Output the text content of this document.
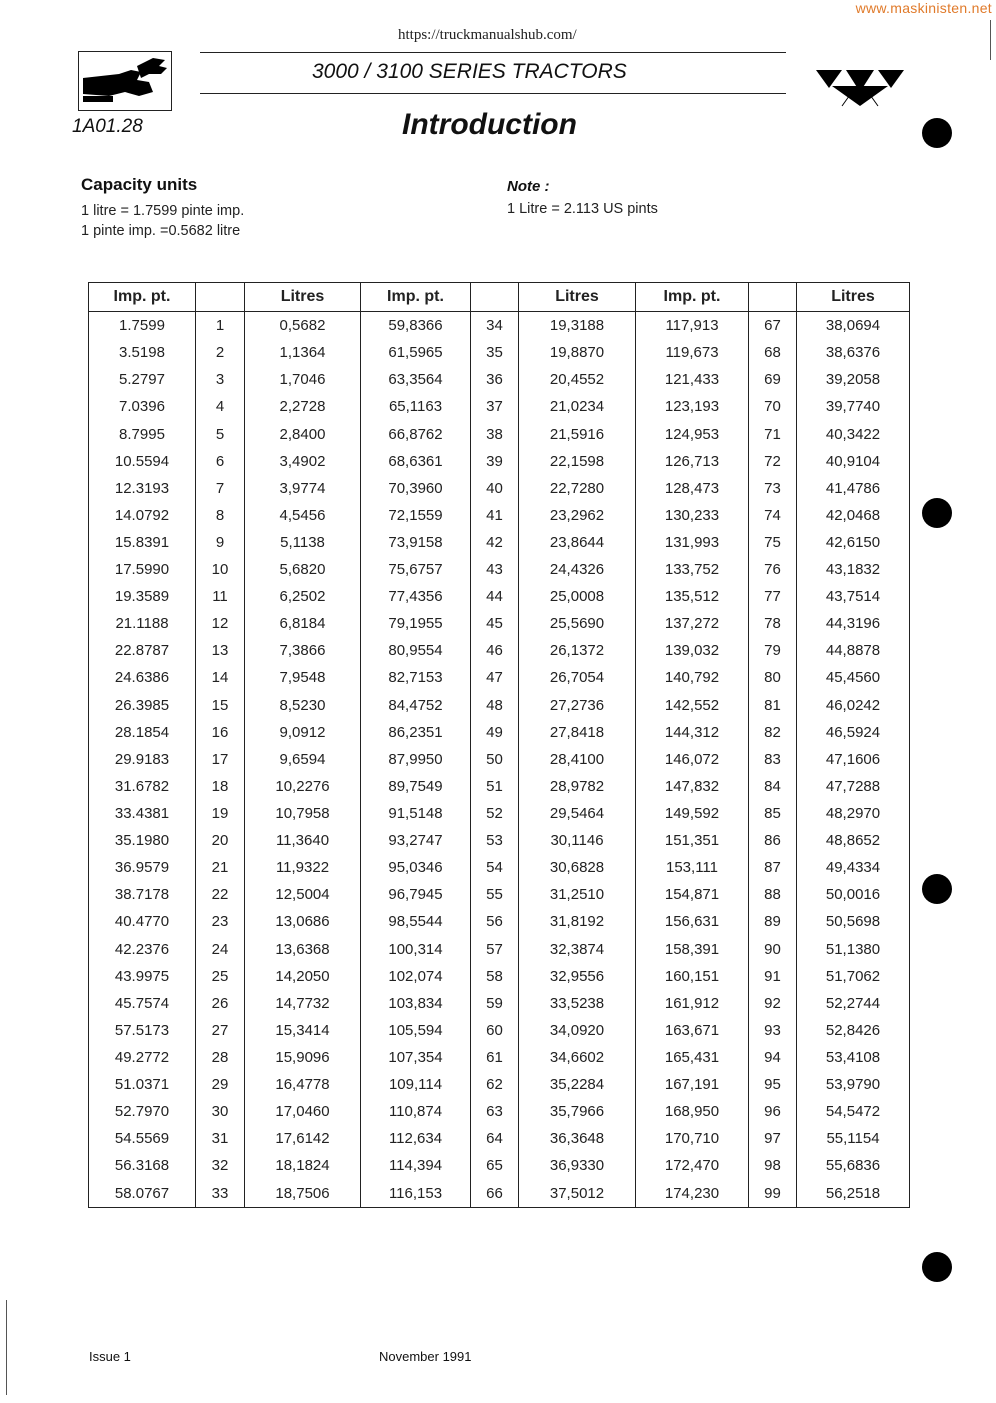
www.maskinisten.net
https://truckmanualshub.com/
3000 / 3100 SERIES TRACTORS
1A01.28	Introduction
Capacity units
1 litre = 1.7599 pinte imp.
1 pinte imp. =0.5682 litre
Note :
1 Litre = 2.113 US pints
Imp. pt.		Litres	Imp. pt.		Litres	Imp. pt.		Litres
1.7599	1	0,5682	59,8366	34	19,3188	117,913	67	38,0694
3.5198	2	1,1364	61,5965	35	19,8870	119,673	68	38,6376
5.2797	3	1,7046	63,3564	36	20,4552	121,433	69	39,2058
7.0396	4	2,2728	65,1163	37	21,0234	123,193	70	39,7740
8.7995	5	2,8400	66,8762	38	21,5916	124,953	71	40,3422
10.5594	6	3,4902	68,6361	39	22,1598	126,713	72	40,9104
12.3193	7	3,9774	70,3960	40	22,7280	128,473	73	41,4786
14.0792	8	4,5456	72,1559	41	23,2962	130,233	74	42,0468
15.8391	9	5,1138	73,9158	42	23,8644	131,993	75	42,6150
17.5990	10	5,6820	75,6757	43	24,4326	133,752	76	43,1832
19.3589	11	6,2502	77,4356	44	25,0008	135,512	77	43,7514
21.1188	12	6,8184	79,1955	45	25,5690	137,272	78	44,3196
22.8787	13	7,3866	80,9554	46	26,1372	139,032	79	44,8878
24.6386	14	7,9548	82,7153	47	26,7054	140,792	80	45,4560
26.3985	15	8,5230	84,4752	48	27,2736	142,552	81	46,0242
28.1854	16	9,0912	86,2351	49	27,8418	144,312	82	46,5924
29.9183	17	9,6594	87,9950	50	28,4100	146,072	83	47,1606
31.6782	18	10,2276	89,7549	51	28,9782	147,832	84	47,7288
33.4381	19	10,7958	91,5148	52	29,5464	149,592	85	48,2970
35.1980	20	11,3640	93,2747	53	30,1146	151,351	86	48,8652
36.9579	21	11,9322	95,0346	54	30,6828	153,111	87	49,4334
38.7178	22	12,5004	96,7945	55	31,2510	154,871	88	50,0016
40.4770	23	13,0686	98,5544	56	31,8192	156,631	89	50,5698
42.2376	24	13,6368	100,314	57	32,3874	158,391	90	51,1380
43.9975	25	14,2050	102,074	58	32,9556	160,151	91	51,7062
45.7574	26	14,7732	103,834	59	33,5238	161,912	92	52,2744
57.5173	27	15,3414	105,594	60	34,0920	163,671	93	52,8426
49.2772	28	15,9096	107,354	61	34,6602	165,431	94	53,4108
51.0371	29	16,4778	109,114	62	35,2284	167,191	95	53,9790
52.7970	30	17,0460	110,874	63	35,7966	168,950	96	54,5472
54.5569	31	17,6142	112,634	64	36,3648	170,710	97	55,1154
56.3168	32	18,1824	114,394	65	36,9330	172,470	98	55,6836
58.0767	33	18,7506	116,153	66	37,5012	174,230	99	56,2518
Issue 1	November 1991
